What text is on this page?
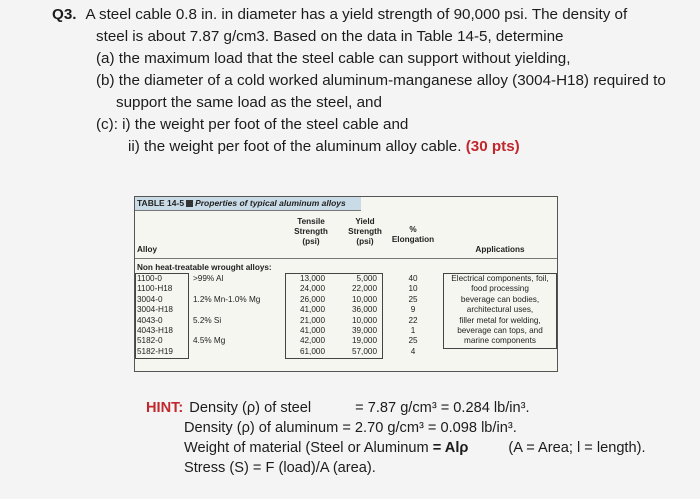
Q3. A steel cable 0.8 in. in diameter has a yield strength of 90,000 psi. The density of
steel is about 7.87 g/cm3. Based on the data in Table 14-5, determine
(a) the maximum load that the steel cable can support without yielding,
(b) the diameter of a cold worked aluminum-manganese alloy (3004-H18) required to
support the same load as the steel, and
(c): i) the weight per foot of the steel cable and
ii) the weight per foot of the aluminum alloy cable. (30 pts)
TABLE 14-5 Properties of typical aluminum alloys
Alloy
Tensile
Strength
(psi)
Yield
Strength
(psi)
%
Elongation
Applications
Non heat-treatable wrought alloys:
1100-0
1100-H18
3004-0
3004-H18
4043-0
4043-H18
5182-0
5182-H19
>99% Al

1.2% Mn-1.0% Mg

5.2% Si

4.5% Mg
13,000
24,000
26,000
41,000
21,000
41,000
42,000
61,000
5,000
22,000
10,000
36,000
10,000
39,000
19,000
57,000
40
10
25
9
22
1
25
4
Electrical components, foil,
food processing
beverage can bodies,
architectural uses,
filler metal for welding,
beverage can tops, and
marine components
HINT: Density (ρ) of steel	= 7.87 g/cm³ = 0.284 lb/in³.
Density (ρ) of aluminum = 2.70 g/cm³ = 0.098 lb/in³.
Weight of material (Steel or Aluminum = Alρ	(A = Area; l = length).
Stress (S) = F (load)/A (area).
